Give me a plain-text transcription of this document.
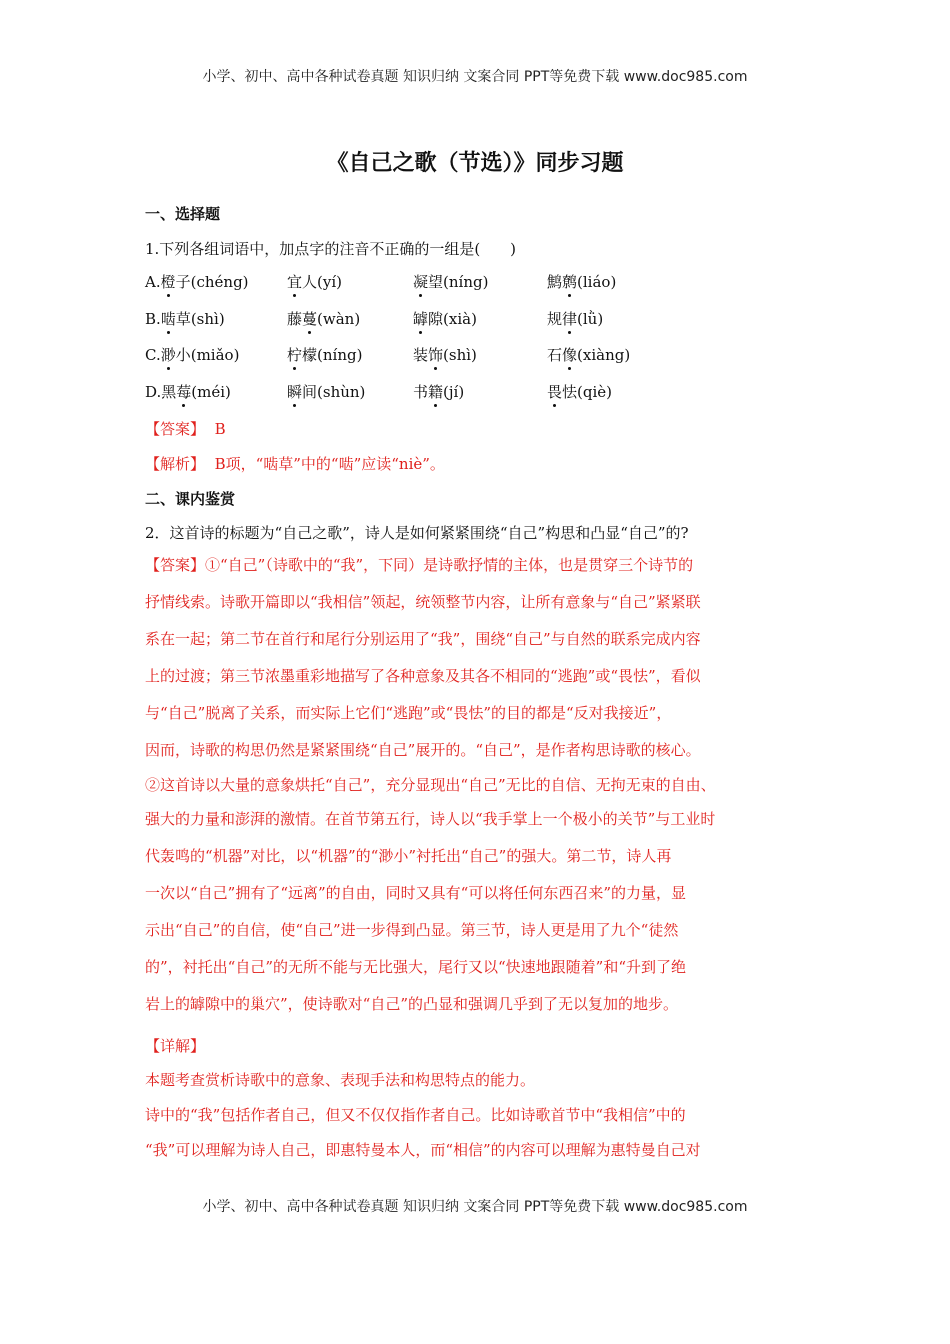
小学、初中、高中各种试卷真题 知识归纳 文案合同 PPT等免费下载 www.doc985.com
《自己之歌（节选）》同步习题
一、选择题
1.下列各组词语中，加点字的注音不正确的一组是(　　)
A.橙子(chéng)	宜人(yí)	凝望(níng)	鹪鹩(liáo)
B.啮草(shì)	藤蔓(wàn)	罅隙(xià)	规律(lǜ)
C.渺小(miǎo)	柠檬(níng)	装饰(shì)	石像(xiàng)
D.黑莓(méi)	瞬间(shùn)	书籍(jí)	畏怯(qiè)
【答案】 B
【解析】 B项，“啮草”中的“啮”应读“niè”。
二、课内鉴赏
2．这首诗的标题为“自己之歌”，诗人是如何紧紧围绕“自己”构思和凸显“自己”的?
【答案】①“自己”（诗歌中的“我”，下同）是诗歌抒情的主体，也是贯穿三个诗节的
抒情线索。诗歌开篇即以“我相信”领起，统领整节内容，让所有意象与“自己”紧紧联
系在一起；第二节在首行和尾行分别运用了“我”，围绕“自己”与自然的联系完成内容
上的过渡；第三节浓墨重彩地描写了各种意象及其各不相同的“逃跑”或“畏怯”，看似
与“自己”脱离了关系，而实际上它们“逃跑”或“畏怯”的目的都是“反对我接近”，
因而，诗歌的构思仍然是紧紧围绕“自己”展开的。“自己”，是作者构思诗歌的核心。
②这首诗以大量的意象烘托“自己”，充分显现出“自己”无比的自信、无拘无束的自由、
强大的力量和澎湃的激情。在首节第五行，诗人以“我手掌上一个极小的关节”与工业时
代轰鸣的“机器”对比，以“机器”的“渺小”衬托出“自己”的强大。第二节，诗人再
一次以“自己”拥有了“远离”的自由，同时又具有“可以将任何东西召来”的力量，显
示出“自己”的自信，使“自己”进一步得到凸显。第三节，诗人更是用了九个“徒然
的”，衬托出“自己”的无所不能与无比强大，尾行又以“快速地跟随着”和“升到了绝
岩上的罅隙中的巢穴”，使诗歌对“自己”的凸显和强调几乎到了无以复加的地步。
【详解】
本题考查赏析诗歌中的意象、表现手法和构思特点的能力。
诗中的“我”包括作者自己，但又不仅仅指作者自己。比如诗歌首节中“我相信”中的
“我”可以理解为诗人自己，即惠特曼本人，而“相信”的内容可以理解为惠特曼自己对
小学、初中、高中各种试卷真题 知识归纳 文案合同 PPT等免费下载 www.doc985.com
